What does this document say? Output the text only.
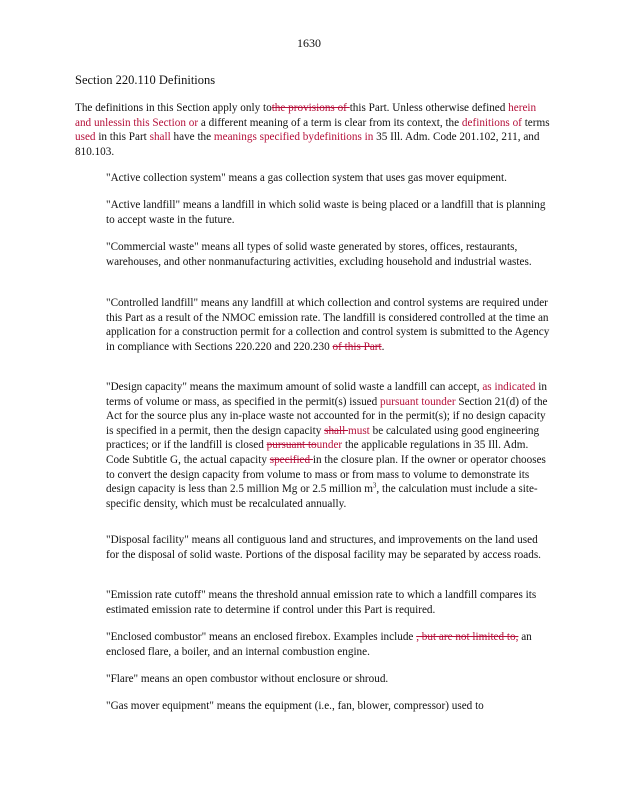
1630
Section 220.110 Definitions

The definitions in this Section apply only tothe provisions of this Part. Unless otherwise defined herein and unlessin this Section or a different meaning of a term is clear from its context, the definitions of terms used in this Part shall have the meanings specified bydefinitions in 35 Ill. Adm. Code 201.102, 211, and 810.103.

"Active collection system" means a gas collection system that uses gas mover equipment.

"Active landfill" means a landfill in which solid waste is being placed or a landfill that is planning to accept waste in the future.

"Commercial waste" means all types of solid waste generated by stores, offices, restaurants, warehouses, and other nonmanufacturing activities, excluding household and industrial wastes.

"Controlled landfill" means any landfill at which collection and control systems are required under this Part as a result of the NMOC emission rate. The landfill is considered controlled at the time an application for a construction permit for a collection and control system is submitted to the Agency in compliance with Sections 220.220 and 220.230 of this Part.

"Design capacity" means the maximum amount of solid waste a landfill can accept, as indicated in terms of volume or mass, as specified in the permit(s) issued pursuant tounder Section 21(d) of the Act for the source plus any in-place waste not accounted for in the permit(s); if no design capacity is specified in a permit, then the design capacity shall must be calculated using good engineering practices; or if the landfill is closed pursuant tounder the applicable regulations in 35 Ill. Adm. Code Subtitle G, the actual capacity specified in the closure plan. If the owner or operator chooses to convert the design capacity from volume to mass or from mass to volume to demonstrate its design capacity is less than 2.5 million Mg or 2.5 million $m^3$, the calculation must include a site-specific density, which must be recalculated annually.

"Disposal facility" means all contiguous land and structures, and improvements on the land used for the disposal of solid waste. Portions of the disposal facility may be separated by access roads.

"Emission rate cutoff" means the threshold annual emission rate to which a landfill compares its estimated emission rate to determine if control under this Part is required.

"Enclosed combustor" means an enclosed firebox. Examples include , but are not limited to, an enclosed flare, a boiler, and an internal combustion engine.

"Flare" means an open combustor without enclosure or shroud.

"Gas mover equipment" means the equipment (i.e., fan, blower, compressor) used to
